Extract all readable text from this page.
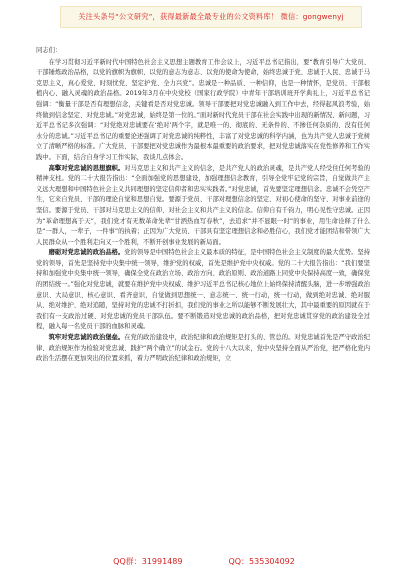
关注头条号“公文研究”，获得最新最全最专业的公文资料库！ 微信：gongwenyj

同志们：

在学习贯彻习近平新时代中国特色社会主义思想主题教育工作会议上，习近平总书记指出，要“教育引导广大党员、干部锤炼政治品格，以党的旗帜为旗帜、以党的意志为意志、以党的使命为使命，始终忠诚于党、忠诚于人民、忠诚于马克思主义，真心爱党、时刻忧党、坚定护党、全力兴党”。忠诚是一种品质、一种信仰，也是一种情怀，是党员、干部根植内心、融入灵魂的政治品格。2019年3月在中央党校（国家行政学院）中青年干部培训班开学典礼上，习近平总书记强调：“衡量干部是否有理想信念，关键看是否对党忠诚。领导干部要把对党忠诚融入到工作中去，经得起风浪考验，始终做到信念坚定、对党忠诚。”对党忠诚，始终是第一位的。”面对新时代党员干部在社会实践中出现的新情况、新问题，习近平总书记多次强调：“对党绝对忠诚要在‘绝对’两个字，就是唯一的、彻底的、无条件的、不掺任何杂质的、没有任何水分的忠诚。”习近平总书记的重要论述强调了对党忠诚的纯粹性，丰富了对党忠诚的科学内涵，也为共产党人忠诚于党树立了清晰严格的标准。广大党员、干部要把对党忠诚作为最根本最重要的政治要求，把对党忠诚落实在党性修养和工作实践中。下面，结合自身学习工作实际，我谈几点体会。

高擎对党忠诚的思想旗帜。对马克思主义和共产主义的信念，是共产党人的政治灵魂，是共产党人经受住任何考验的精神支柱。党的二十大报告指出：“全面加强党的思想建设，加强理想信念教育，引导全党牢记党的宗旨，自觉做共产主义远大理想和中国特色社会主义共同理想的坚定信仰者和忠实实践者。”对党忠诚，首先要坚定理想信念。忠诚不会凭空产生，它来自党员、干部的理论自觉和思想自觉。要源于党员、干部对理想信念的坚定、对初心使命的坚守、对事业前途的坚信。要源于党员、干部对马克思主义的信仰、对社会主义和共产主义的信念。信仰自有千钧力，明心见性守忠诚。正因为“革命理想高于天”，我们党才有无数革命先辈“甘洒热血写春秋”，去追求“并不显眼一时”的事业，用生命诠释了什么是“一群人，一辈子，一件事”的执着；正因为广大党员、干部具有坚定理想信念和必胜信心，我们党才能团结和带领广大人民群众从一个胜利走向又一个胜利，不断开创事业发展的新局面。

磨砺对党忠诚的政治品格。党的领导是中国特色社会主义最本质的特征，是中国特色社会主义制度的最大优势。坚持党的领导，首先是坚持党中央集中统一领导，维护党的权威，首先是维护党中央权威。党的二十大报告指出：“我们要坚持和加强党中央集中统一领导，确保全党在政治立场、政治方向、政治原则、政治道路上同党中央保持高度一致，确保党的团结统一。”强化对党忠诚，就要在维护党中央权威、维护习近平总书记核心地位上始终保持清醒头脑，进一步增强政治意识、大局意识、核心意识、看齐意识，自觉做到思想统一、意志统一、统一行动，统一行动，做到绝对忠诚、绝对服从、绝对维护、绝对追随，坚持对党的忠诚不打折扣，我们党的事业之所以能够不断发展壮大，其中最重要的原因就在于我们有一支政治过硬、对党忠诚的党员干部队伍。要不断锻造对党忠诚的政治品格，把对党忠诚贯穿党的政治建设全过程，融入每一名党员干部的血脉和灵魂。

筑牢对党忠诚的政治堡垒。在党的政治建设中，政治纪律和政治规矩是打头的、管总的。对党忠诚首先是严守政治纪律、政治规矩作为检验对党忠诚、践护“两个确立”的试金石。党的十八大以来，党中央坚持全面从严治党，把严格化党内政治生活摆在更加突出的位置来抓，着力严明政治纪律和政治规矩，立

QQ群：31991489	QQ：535304092
